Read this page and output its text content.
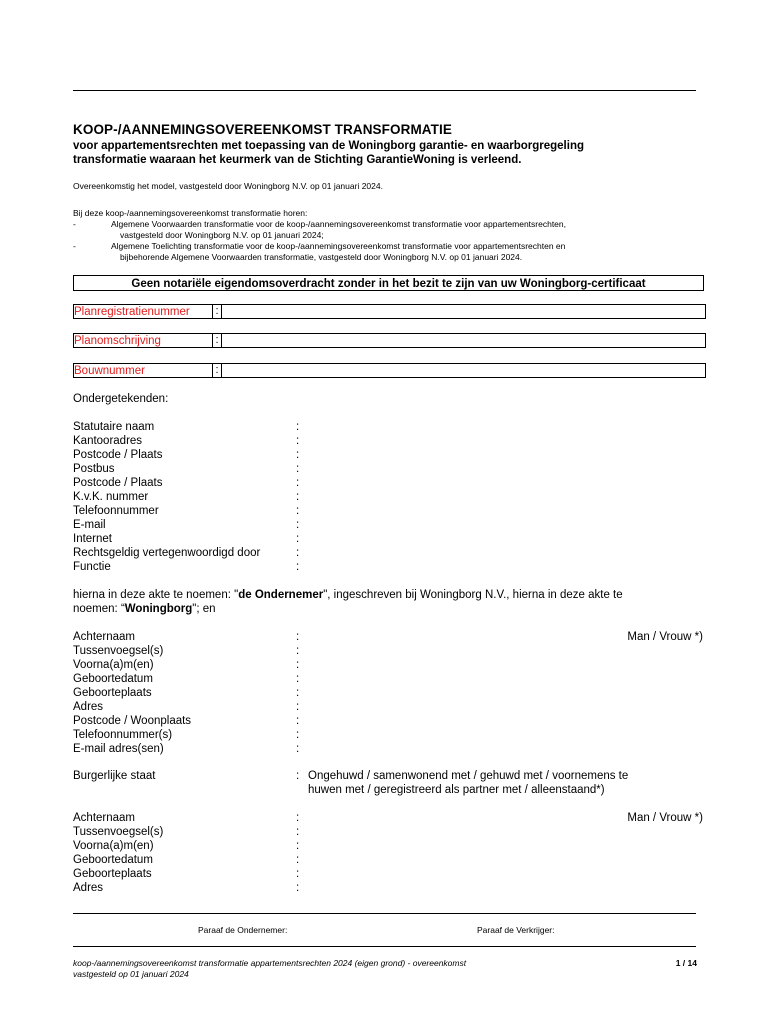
KOOP-/AANNEMINGSOVEREENKOMST TRANSFORMATIE
voor appartementsrechten met toepassing van de Woningborg garantie- en waarborgregeling
transformatie waaraan het keurmerk van de Stichting GarantieWoning is verleend.
Overeenkomstig het model, vastgesteld door Woningborg N.V. op 01 januari 2024.
Bij deze koop-/aannemingsovereenkomst transformatie horen:
-	Algemene Voorwaarden transformatie voor de koop-/aannemingsovereenkomst transformatie voor appartementsrechten,
vastgesteld door Woningborg N.V. op 01 januari 2024;
-	Algemene Toelichting transformatie voor de koop-/aannemingsovereenkomst transformatie voor appartementsrechten en
bijbehorende Algemene Voorwaarden transformatie, vastgesteld door Woningborg N.V. op 01 januari 2024.
Geen notariële eigendomsoverdracht zonder in het bezit te zijn van uw Woningborg-certificaat
Planregistratienummer	:
Planomschrijving	:
Bouwnummer	:
Ondergetekenden:
Statutaire naam	:
Kantooradres	:
Postcode / Plaats	:
Postbus	:
Postcode / Plaats	:
K.v.K. nummer	:
Telefoonnummer	:
E-mail	:
Internet	:
Rechtsgeldig vertegenwoordigd door	:
Functie	:
hierna in deze akte te noemen: "de Ondernemer", ingeschreven bij Woningborg N.V., hierna in deze akte te
noemen: “Woningborg"; en
Achternaam	:	Man / Vrouw *)
Tussenvoegsel(s)	:
Voorna(a)m(en)	:
Geboortedatum	:
Geboorteplaats	:
Adres	:
Postcode / Woonplaats	:
Telefoonnummer(s)	:
E-mail adres(sen)	:
Burgerlijke staat	: Ongehuwd / samenwonend met / gehuwd met / voornemens te
huwen met / geregistreerd als partner met / alleenstaand*)
Achternaam	:	Man / Vrouw *)
Tussenvoegsel(s)	:
Voorna(a)m(en)	:
Geboortedatum	:
Geboorteplaats	:
Adres	:
Paraaf de Ondernemer:	Paraaf de Verkrijger:
koop-/aannemingsovereenkomst transformatie appartementsrechten 2024 (eigen grond) - overeenkomst
vastgesteld op 01 januari 2024
1 / 14
